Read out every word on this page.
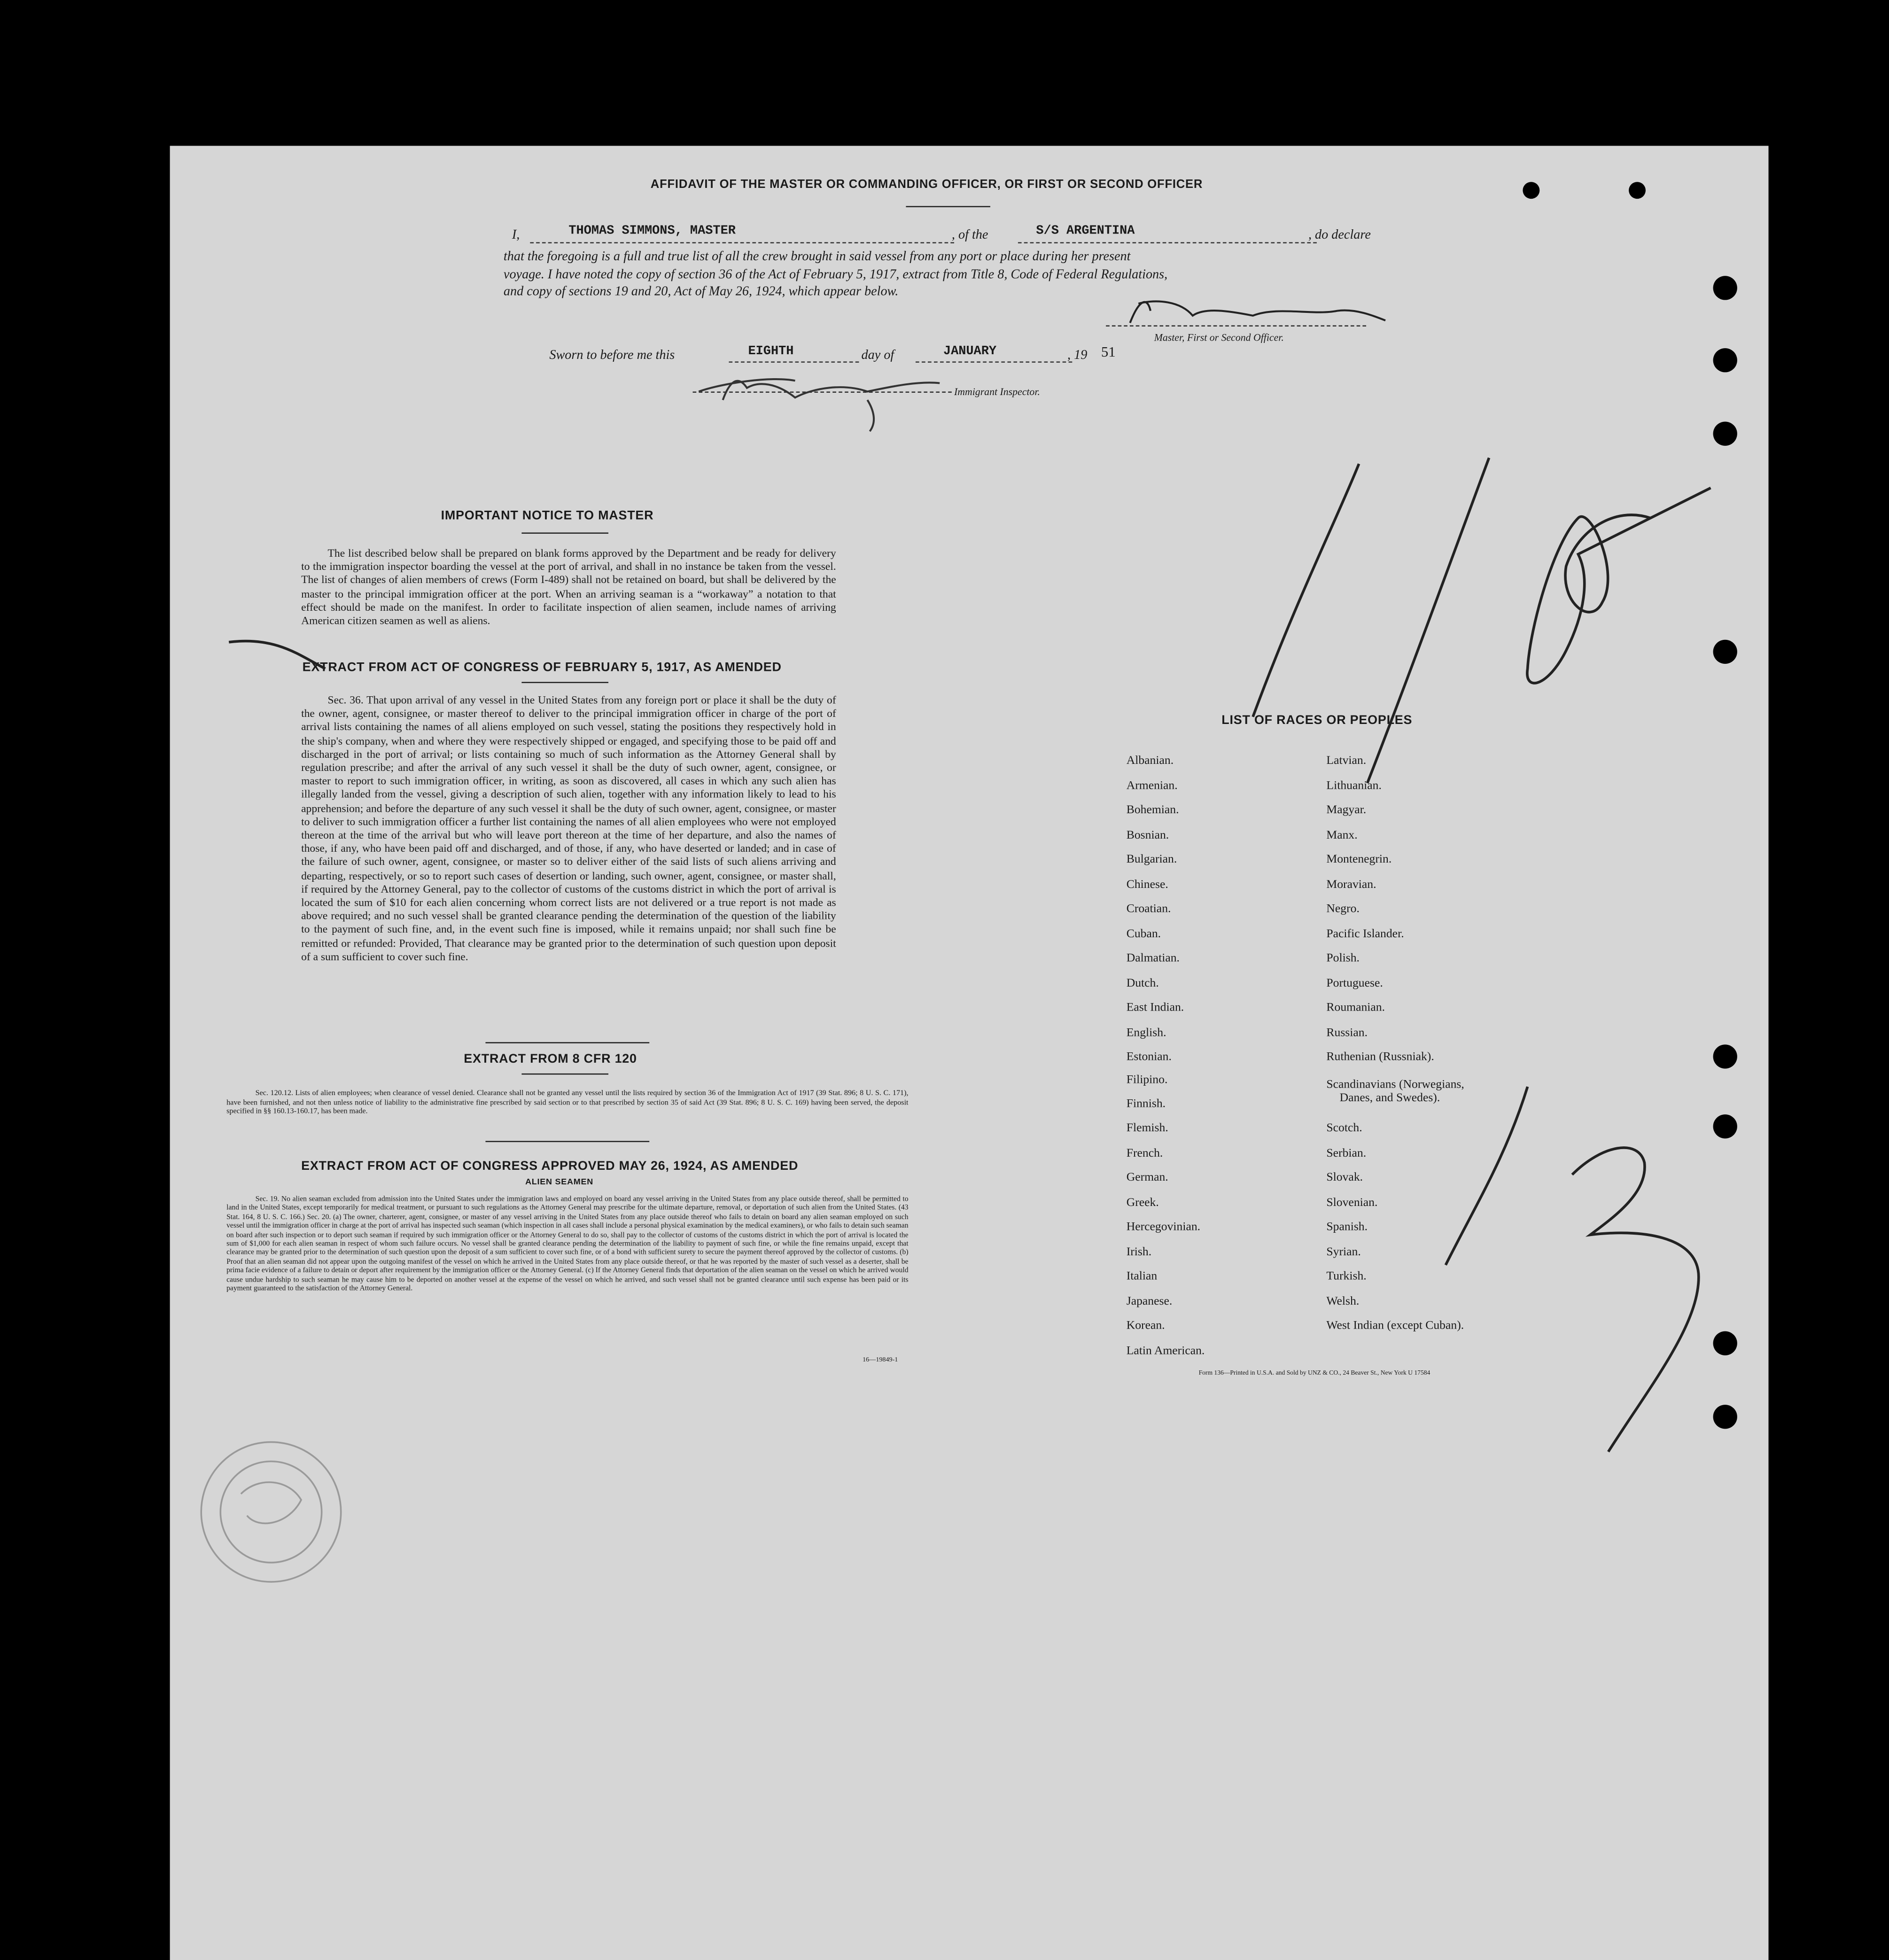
AFFIDAVIT OF THE MASTER OR COMMANDING OFFICER, OR FIRST OR SECOND OFFICER
I,	THOMAS SIMMONS, MASTER	, of the	S/S ARGENTINA	, do declare
that the foregoing is a full and true list of all the crew brought in said vessel from any port or place during her present
voyage. I have noted the copy of section 36 of the Act of February 5, 1917, extract from Title 8, Code of Federal Regulations,
and copy of sections 19 and 20, Act of May 26, 1924, which appear below.
Master, First or Second Officer.
Sworn to before me this	EIGHTH	day of	JANUARY	, 19 51
Immigrant Inspector.
IMPORTANT NOTICE TO MASTER
The list described below shall be prepared on blank forms approved by the Department and be ready for delivery to the immigration inspector boarding the vessel at the port of arrival, and shall in no instance be taken from the vessel. The list of changes of alien members of crews (Form I-489) shall not be retained on board, but shall be delivered by the master to the principal immigration officer at the port. When an arriving seaman is a “workaway” a notation to that effect should be made on the manifest. In order to facilitate inspection of alien seamen, include names of arriving American citizen seamen as well as aliens.
EXTRACT FROM ACT OF CONGRESS OF FEBRUARY 5, 1917, AS AMENDED
Sec. 36. That upon arrival of any vessel in the United States from any foreign port or place it shall be the duty of the owner, agent, consignee, or master thereof to deliver to the principal immigration officer in charge of the port of arrival lists containing the names of all aliens employed on such vessel, stating the positions they respectively hold in the ship's company, when and where they were respectively shipped or engaged, and specifying those to be paid off and discharged in the port of arrival; or lists containing so much of such information as the Attorney General shall by regulation prescribe; and after the arrival of any such vessel it shall be the duty of such owner, agent, consignee, or master to report to such immigration officer, in writing, as soon as discovered, all cases in which any such alien has illegally landed from the vessel, giving a description of such alien, together with any information likely to lead to his apprehension; and before the departure of any such vessel it shall be the duty of such owner, agent, consignee, or master to deliver to such immigration officer a further list containing the names of all alien employees who were not employed thereon at the time of the arrival but who will leave port thereon at the time of her departure, and also the names of those, if any, who have been paid off and discharged, and of those, if any, who have deserted or landed; and in case of the failure of such owner, agent, consignee, or master so to deliver either of the said lists of such aliens arriving and departing, respectively, or so to report such cases of desertion or landing, such owner, agent, consignee, or master shall, if required by the Attorney General, pay to the collector of customs of the customs district in which the port of arrival is located the sum of $10 for each alien concerning whom correct lists are not delivered or a true report is not made as above required; and no such vessel shall be granted clearance pending the determination of the question of the liability to the payment of such fine, and, in the event such fine is imposed, while it remains unpaid; nor shall such fine be remitted or refunded: Provided, That clearance may be granted prior to the determination of such question upon deposit of a sum sufficient to cover such fine.
EXTRACT FROM 8 CFR 120
Sec. 120.12. Lists of alien employees; when clearance of vessel denied. Clearance shall not be granted any vessel until the lists required by section 36 of the Immigration Act of 1917 (39 Stat. 896; 8 U. S. C. 171), have been furnished, and not then unless notice of liability to the administrative fine prescribed by said section or to that prescribed by section 35 of said Act (39 Stat. 896; 8 U. S. C. 169) having been served, the deposit specified in §§ 160.13-160.17, has been made.
EXTRACT FROM ACT OF CONGRESS APPROVED MAY 26, 1924, AS AMENDED
ALIEN SEAMEN
Sec. 19. No alien seaman excluded from admission into the United States under the immigration laws and employed on board any vessel arriving in the United States from any place outside thereof, shall be permitted to land in the United States, except temporarily for medical treatment, or pursuant to such regulations as the Attorney General may prescribe for the ultimate departure, removal, or deportation of such alien from the United States. (43 Stat. 164, 8 U. S. C. 166.) Sec. 20. (a) The owner, charterer, agent, consignee, or master of any vessel arriving in the United States from any place outside thereof who fails to detain on board any alien seaman employed on such vessel until the immigration officer in charge at the port of arrival has inspected such seaman (which inspection in all cases shall include a personal physical examination by the medical examiners), or who fails to detain such seaman on board after such inspection or to deport such seaman if required by such immigration officer or the Attorney General to do so, shall pay to the collector of customs of the customs district in which the port of arrival is located the sum of $1,000 for each alien seaman in respect of whom such failure occurs. No vessel shall be granted clearance pending the determination of the liability to payment of such fine, or while the fine remains unpaid, except that clearance may be granted prior to the determination of such question upon the deposit of a sum sufficient to cover such fine, or of a bond with sufficient surety to secure the payment thereof approved by the collector of customs. (b) Proof that an alien seaman did not appear upon the outgoing manifest of the vessel on which he arrived in the United States from any place outside thereof, or that he was reported by the master of such vessel as a deserter, shall be prima facie evidence of a failure to detain or deport after requirement by the immigration officer or the Attorney General. (c) If the Attorney General finds that deportation of the alien seaman on the vessel on which he arrived would cause undue hardship to such seaman he may cause him to be deported on another vessel at the expense of the vessel on which he arrived, and such vessel shall not be granted clearance until such expense has been paid or its payment guaranteed to the satisfaction of the Attorney General.
16—19849-1
LIST OF RACES OR PEOPLES
Form 136—Printed in U.S.A. and Sold by UNZ & CO., 24 Beaver St., New York U 17584
Albanian.
Armenian.
Bohemian.
Bosnian.
Bulgarian.
Chinese.
Croatian.
Cuban.
Dalmatian.
Dutch.
East Indian.
English.
Estonian.
Filipino.
Finnish.
Flemish.
French.
German.
Greek.
Hercegovinian.
Irish.
Italian
Japanese.
Korean.
Latin American.
Latvian.
Lithuanian.
Magyar.
Manx.
Montenegrin.
Moravian.
Negro.
Pacific Islander.
Polish.
Portuguese.
Roumanian.
Russian.
Ruthenian (Russniak).
Scandinavians (Norwegians,
Danes, and Swedes).
Scotch.
Serbian.
Slovak.
Slovenian.
Spanish.
Syrian.
Turkish.
Welsh.
West Indian (except Cuban).
